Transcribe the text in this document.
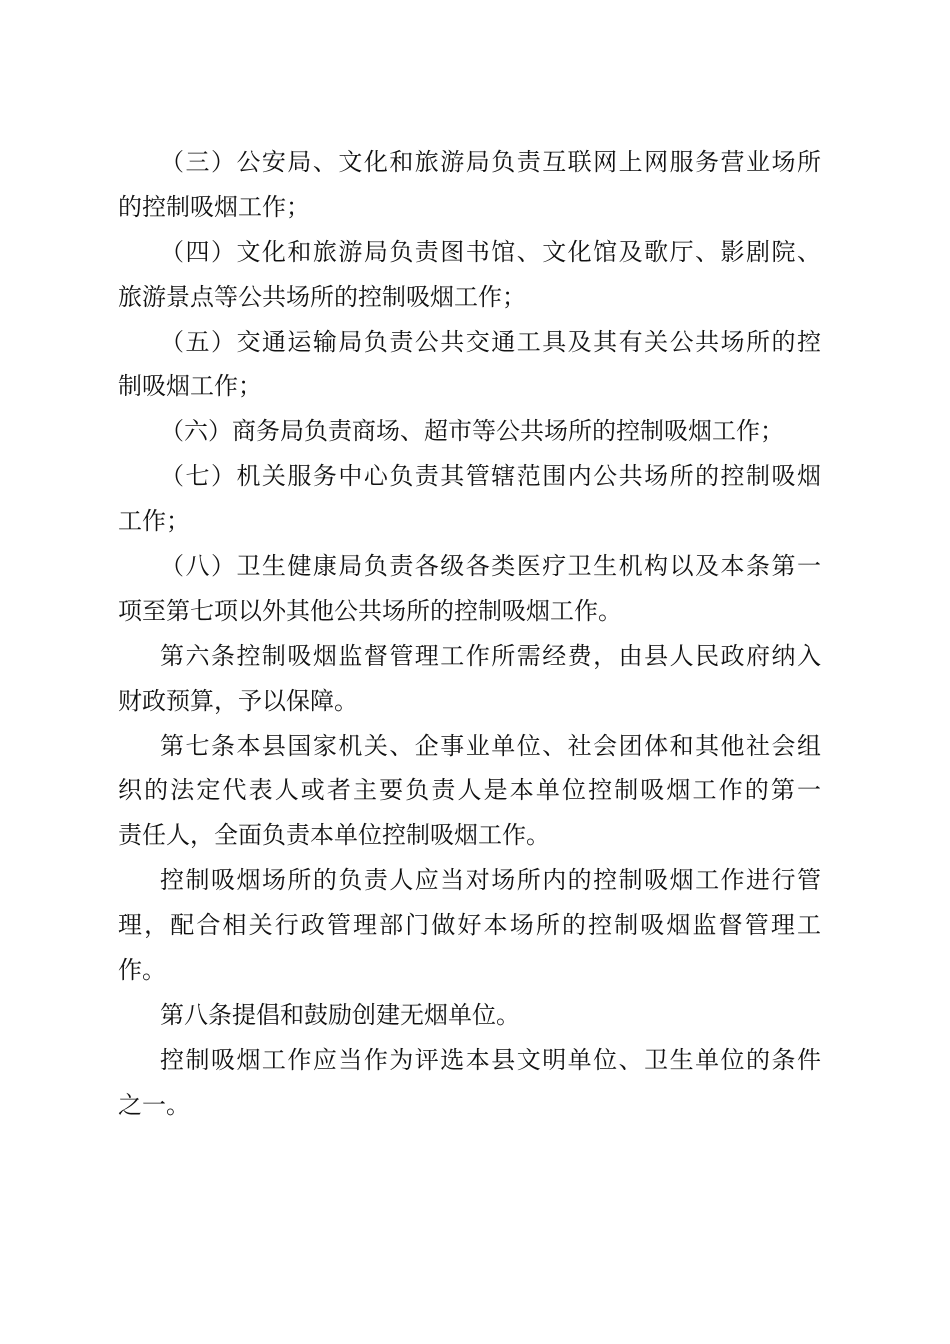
（三）公安局、文化和旅游局负责互联网上网服务营业场所
的控制吸烟工作；
（四）文化和旅游局负责图书馆、文化馆及歌厅、影剧院、
旅游景点等公共场所的控制吸烟工作；
（五）交通运输局负责公共交通工具及其有关公共场所的控
制吸烟工作；
（六）商务局负责商场、超市等公共场所的控制吸烟工作；
（七）机关服务中心负责其管辖范围内公共场所的控制吸烟
工作；
（八）卫生健康局负责各级各类医疗卫生机构以及本条第一
项至第七项以外其他公共场所的控制吸烟工作。
第六条控制吸烟监督管理工作所需经费，由县人民政府纳入
财政预算，予以保障。
第七条本县国家机关、企事业单位、社会团体和其他社会组
织的法定代表人或者主要负责人是本单位控制吸烟工作的第一
责任人，全面负责本单位控制吸烟工作。
控制吸烟场所的负责人应当对场所内的控制吸烟工作进行管
理，配合相关行政管理部门做好本场所的控制吸烟监督管理工
作。
第八条提倡和鼓励创建无烟单位。
控制吸烟工作应当作为评选本县文明单位、卫生单位的条件
之一。
